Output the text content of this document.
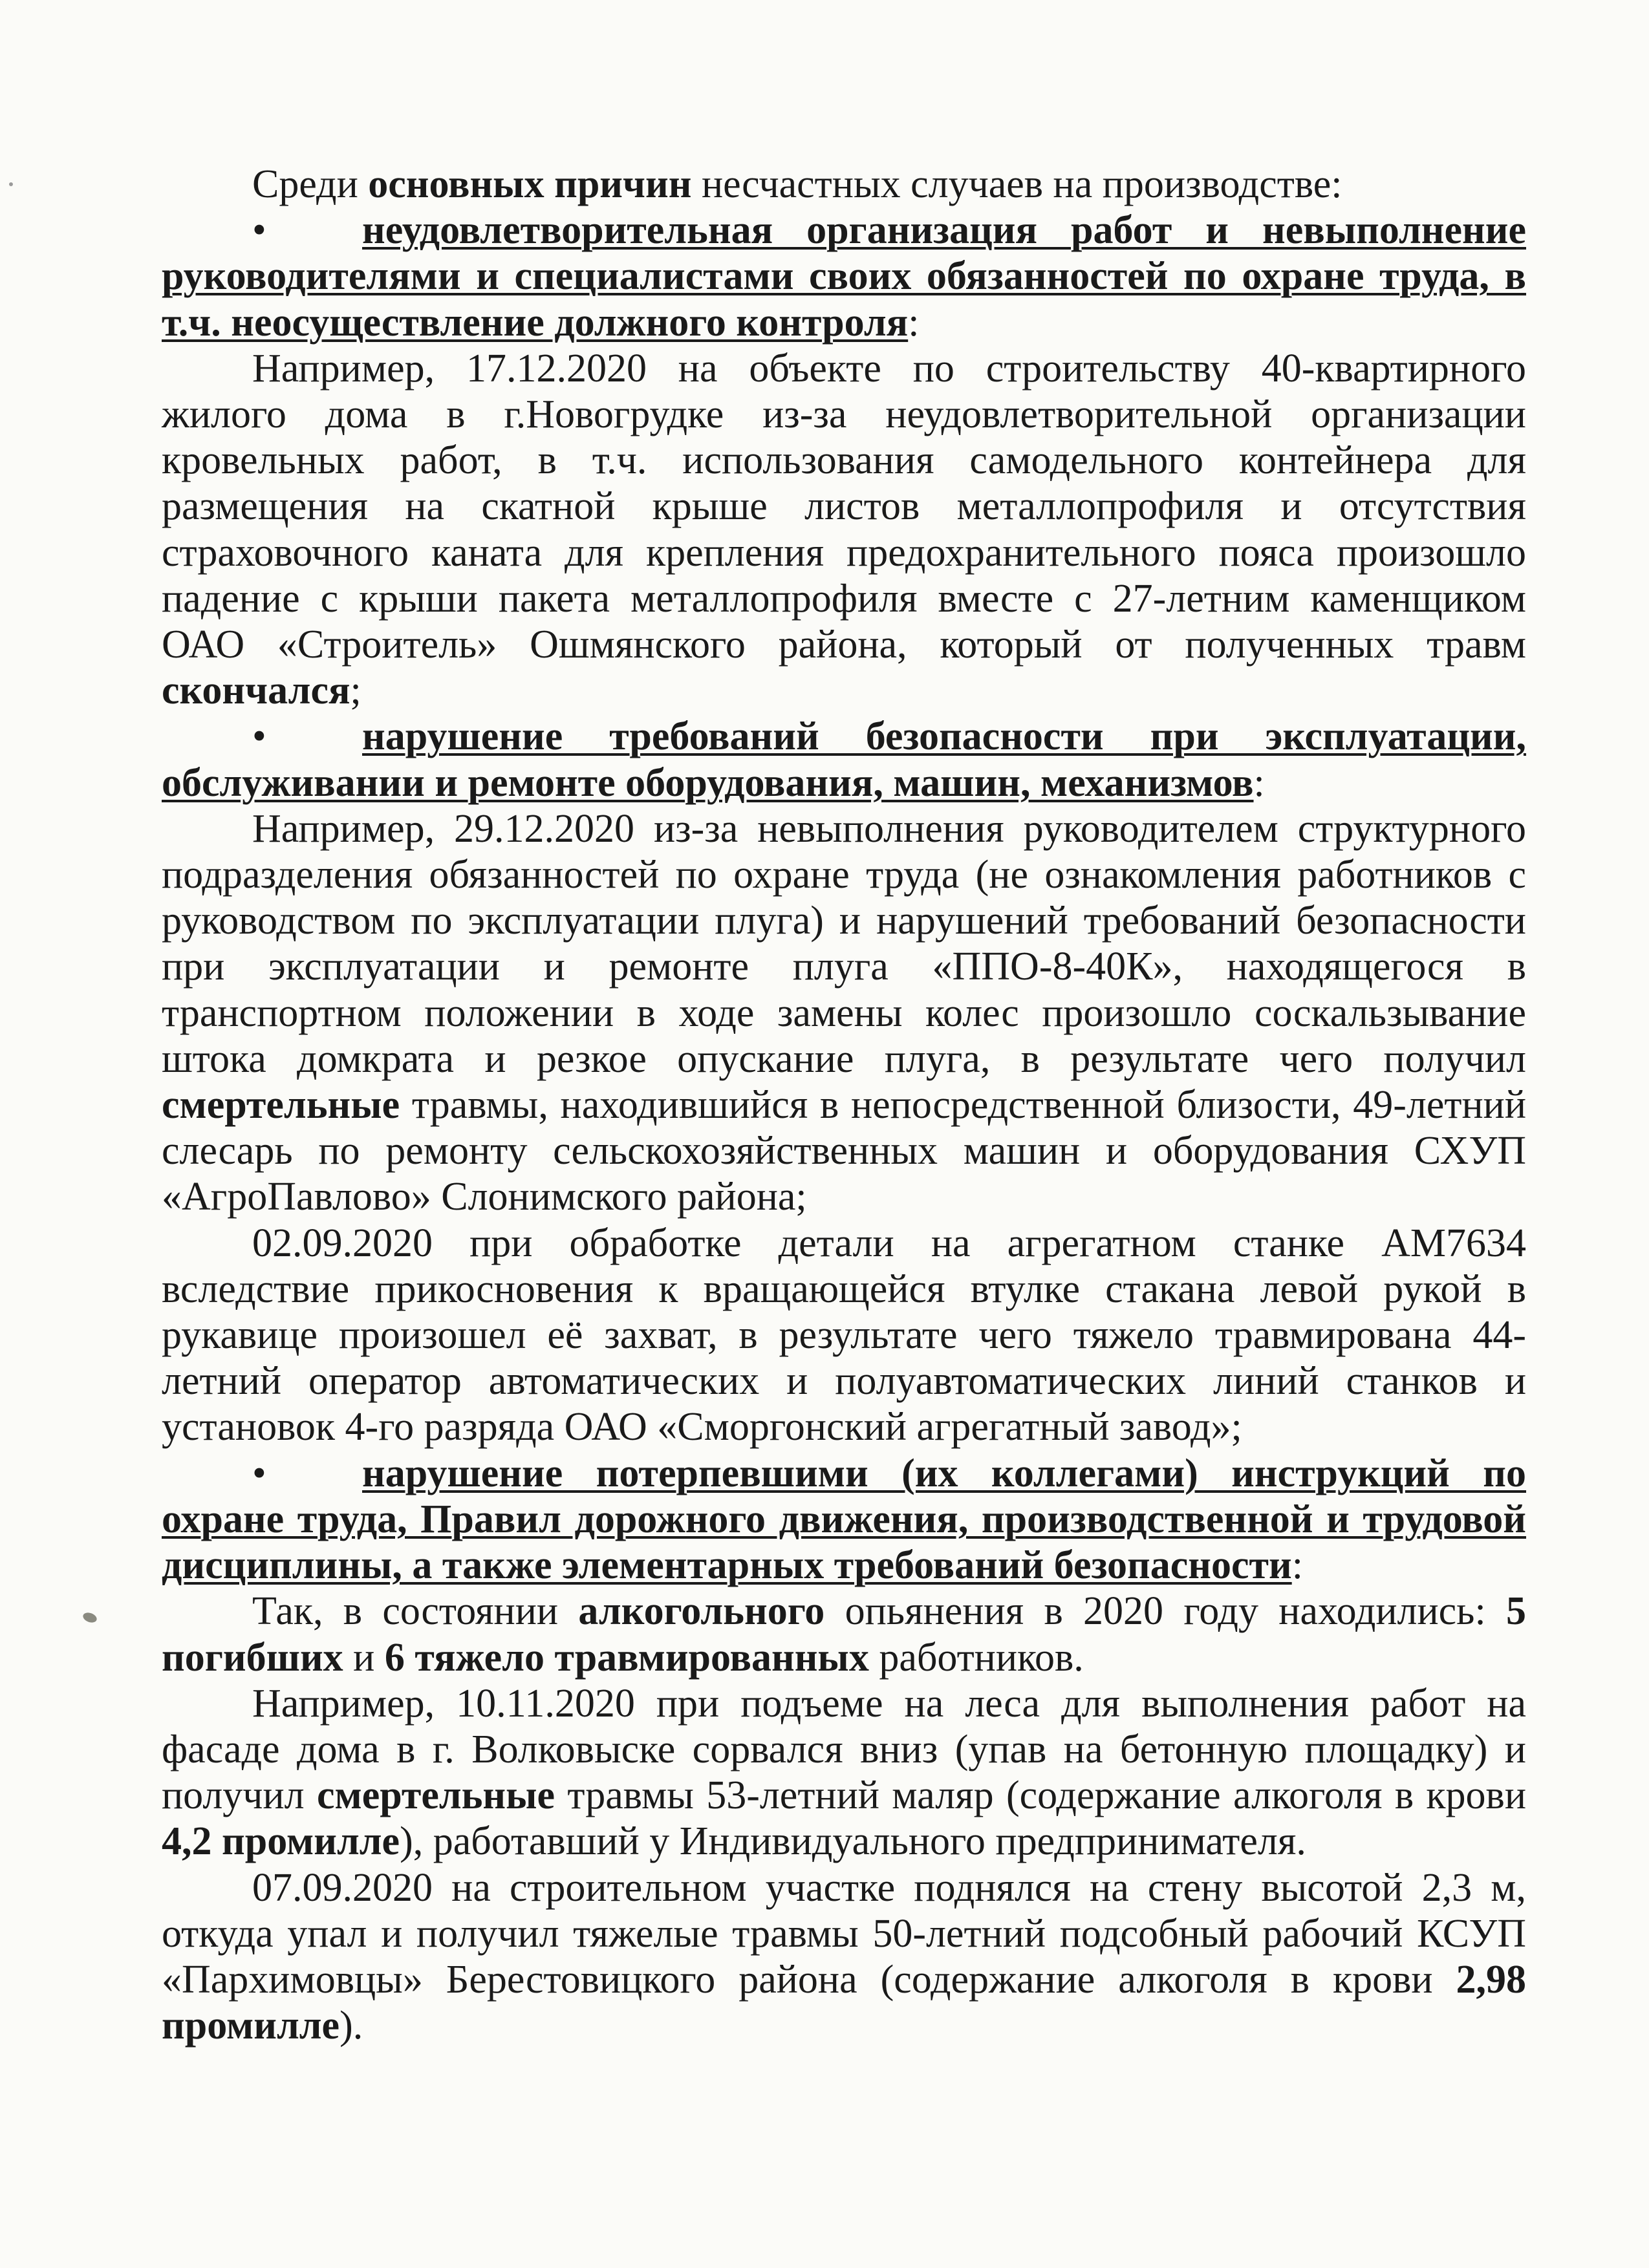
Среди основных причин несчастных случаев на производстве:

• неудовлетворительная организация работ и невыполнение руководителями и специалистами своих обязанностей по охране труда, в т.ч. неосуществление должного контроля:

Например, 17.12.2020 на объекте по строительству 40-квартирного жилого дома в г.Новогрудке из-за неудовлетворительной организации кровельных работ, в т.ч. использования самодельного контейнера для размещения на скатной крыше листов металлопрофиля и отсутствия страховочного каната для крепления предохранительного пояса произошло падение с крыши пакета металлопрофиля вместе с 27-летним каменщиком ОАО «Строитель» Ошмянского района, который от полученных травм скончался;

• нарушение требований безопасности при эксплуатации, обслуживании и ремонте оборудования, машин, механизмов:

Например, 29.12.2020 из-за невыполнения руководителем структурного подразделения обязанностей по охране труда (не ознакомления работников с руководством по эксплуатации плуга) и нарушений требований безопасности при эксплуатации и ремонте плуга «ППО-8-40К», находящегося в транспортном положении в ходе замены колес произошло соскальзывание штока домкрата и резкое опускание плуга, в результате чего получил смертельные травмы, находившийся в непосредственной близости, 49-летний слесарь по ремонту сельскохозяйственных машин и оборудования СХУП «АгроПавлово» Слонимского района;

02.09.2020 при обработке детали на агрегатном станке АМ7634 вследствие прикосновения к вращающейся втулке стакана левой рукой в рукавице произошел её захват, в результате чего тяжело травмирована 44-летний оператор автоматических и полуавтоматических линий станков и установок 4-го разряда ОАО «Сморгонский агрегатный завод»;

• нарушение потерпевшими (их коллегами) инструкций по охране труда, Правил дорожного движения, производственной и трудовой дисциплины, а также элементарных требований безопасности:

Так, в состоянии алкогольного опьянения в 2020 году находились: 5 погибших и 6 тяжело травмированных работников.

Например, 10.11.2020 при подъеме на леса для выполнения работ на фасаде дома в г. Волковыске сорвался вниз (упав на бетонную площадку) и получил смертельные травмы 53-летний маляр (содержание алкоголя в крови 4,2 промилле), работавший у Индивидуального предпринимателя.

07.09.2020 на строительном участке поднялся на стену высотой 2,3 м, откуда упал и получил тяжелые травмы 50-летний подсобный рабочий КСУП «Пархимовцы» Берестовицкого района (содержание алкоголя в крови 2,98 промилле).
